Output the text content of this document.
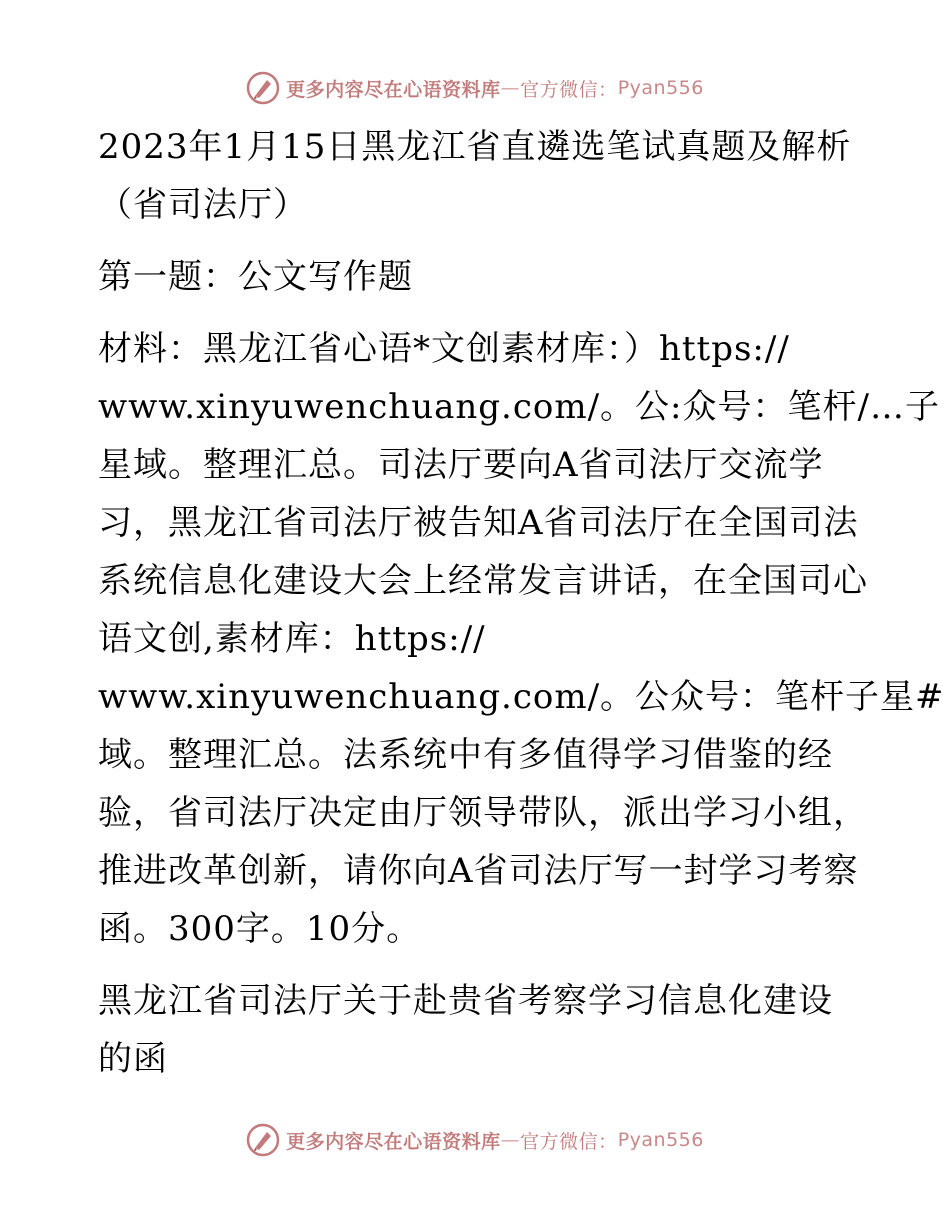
更多内容尽在心语资料库 — 官方微信： Pyan556
2023年1月15日黑龙江省直遴选笔试真题及解析
（省司法厅）
第一题：公文写作题
材料：黑龙江省心语*文创素材库：）https://
www.xinyuwenchuang.com/。公:众号：笔杆/…子
星域。整理汇总。司法厅要向A省司法厅交流学
习，黑龙江省司法厅被告知A省司法厅在全国司法
系统信息化建设大会上经常发言讲话，在全国司心
语文创,素材库：https://
www.xinyuwenchuang.com/。公众号：笔杆子星#
域。整理汇总。法系统中有多值得学习借鉴的经
验，省司法厅决定由厅领导带队，派出学习小组，
推进改革创新，请你向A省司法厅写一封学习考察
函。300字。10分。
黑龙江省司法厅关于赴贵省考察学习信息化建设
的函
更多内容尽在心语资料库 — 官方微信： Pyan556
